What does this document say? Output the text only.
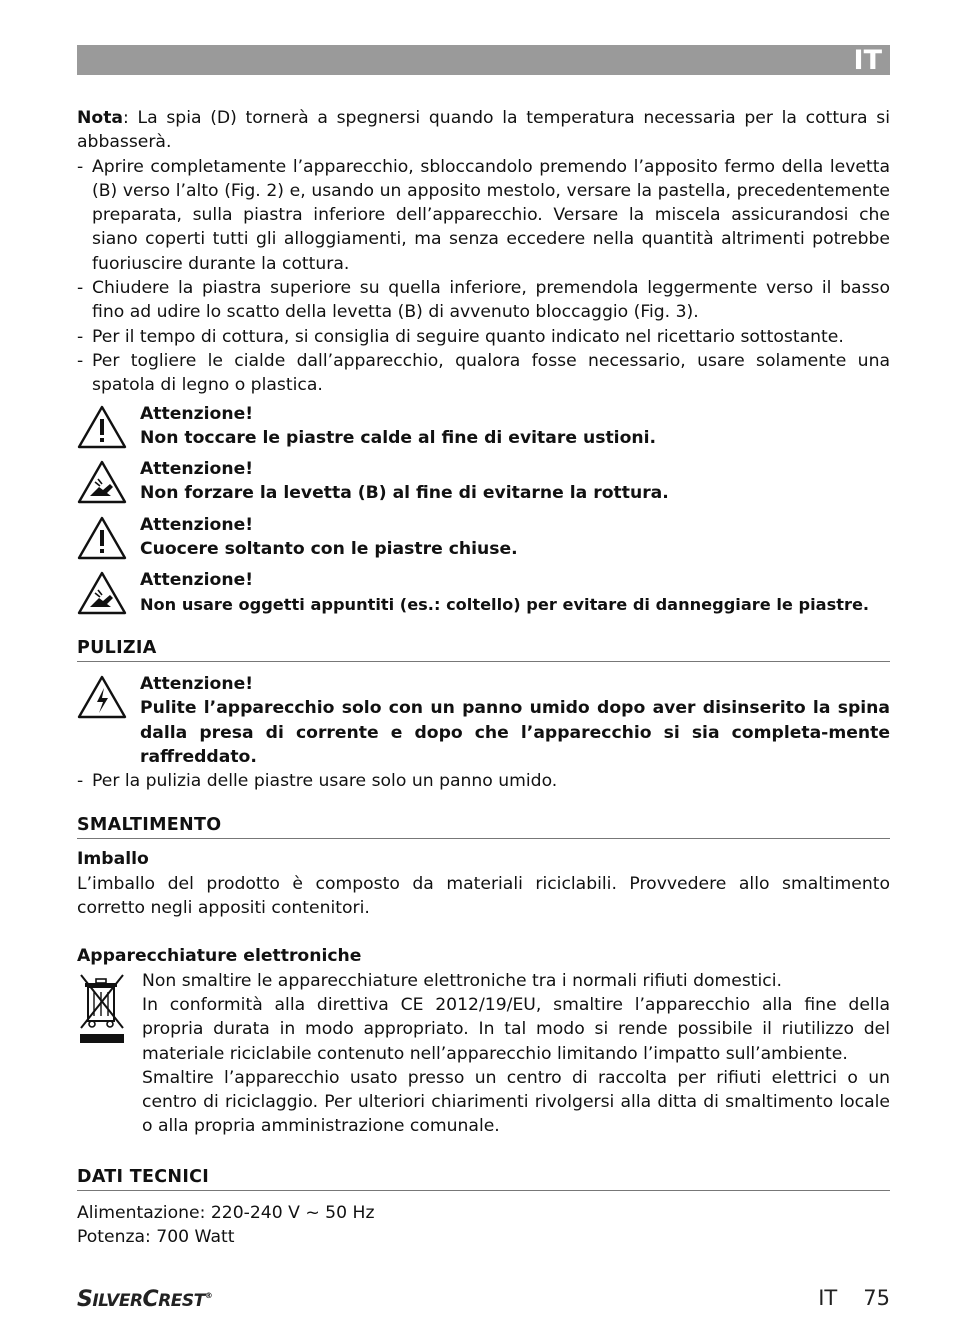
IT
Nota: La spia (D) tornerà a spegnersi quando la temperatura necessaria per la cottura si abbasserà.
- Aprire completamente l’apparecchio, sbloccandolo premendo l’apposito fermo della levetta (B) verso l’alto (Fig. 2) e, usando un apposito mestolo, versare la pastella, precedentemente preparata, sulla piastra inferiore dell’apparecchio. Versare la miscela assicurandosi che siano coperti tutti gli alloggiamenti, ma senza eccedere nella quantità altrimenti potrebbe fuoriuscire durante la cottura.
- Chiudere la piastra superiore su quella inferiore, premendola leggermente verso il basso fino ad udire lo scatto della levetta (B) di avvenuto bloccaggio (Fig. 3).
- Per il tempo di cottura, si consiglia di seguire quanto indicato nel ricettario sottostante.
- Per togliere le cialde dall’apparecchio, qualora fosse necessario, usare solamente una spatola di legno o plastica.
Attenzione!
Non toccare le piastre calde al fine di evitare ustioni.
Attenzione!
Non forzare la levetta (B) al fine di evitarne la rottura.
Attenzione!
Cuocere soltanto con le piastre chiuse.
Attenzione!
Non usare oggetti appuntiti (es.: coltello) per evitare di danneggiare le piastre.
PULIZIA
Attenzione!
Pulite l’apparecchio solo con un panno umido dopo aver disinserito la spina dalla presa di corrente e dopo che l’apparecchio si sia completa-mente raffreddato.
- Per la pulizia delle piastre usare solo un panno umido.
SMALTIMENTO
Imballo
L’imballo del prodotto è composto da materiali riciclabili. Provvedere allo smaltimento corretto negli appositi contenitori.
Apparecchiature elettroniche
Non smaltire le apparecchiature elettroniche tra i normali rifiuti domestici.
In conformità alla direttiva CE 2012/19/EU, smaltire l’apparecchio alla fine della propria durata in modo appropriato. In tal modo si rende possibile il riutilizzo del materiale riciclabile contenuto nell’apparecchio limitando l’impatto sull’ambiente.
Smaltire l’apparecchio usato presso un centro di raccolta per rifiuti elettrici o un centro di riciclaggio. Per ulteriori chiarimenti rivolgersi alla ditta di smaltimento locale o alla propria amministrazione comunale.
DATI TECNICI
Alimentazione: 220-240 V ~ 50 Hz
Potenza: 700 Watt
SILVERCREST®	IT 75
